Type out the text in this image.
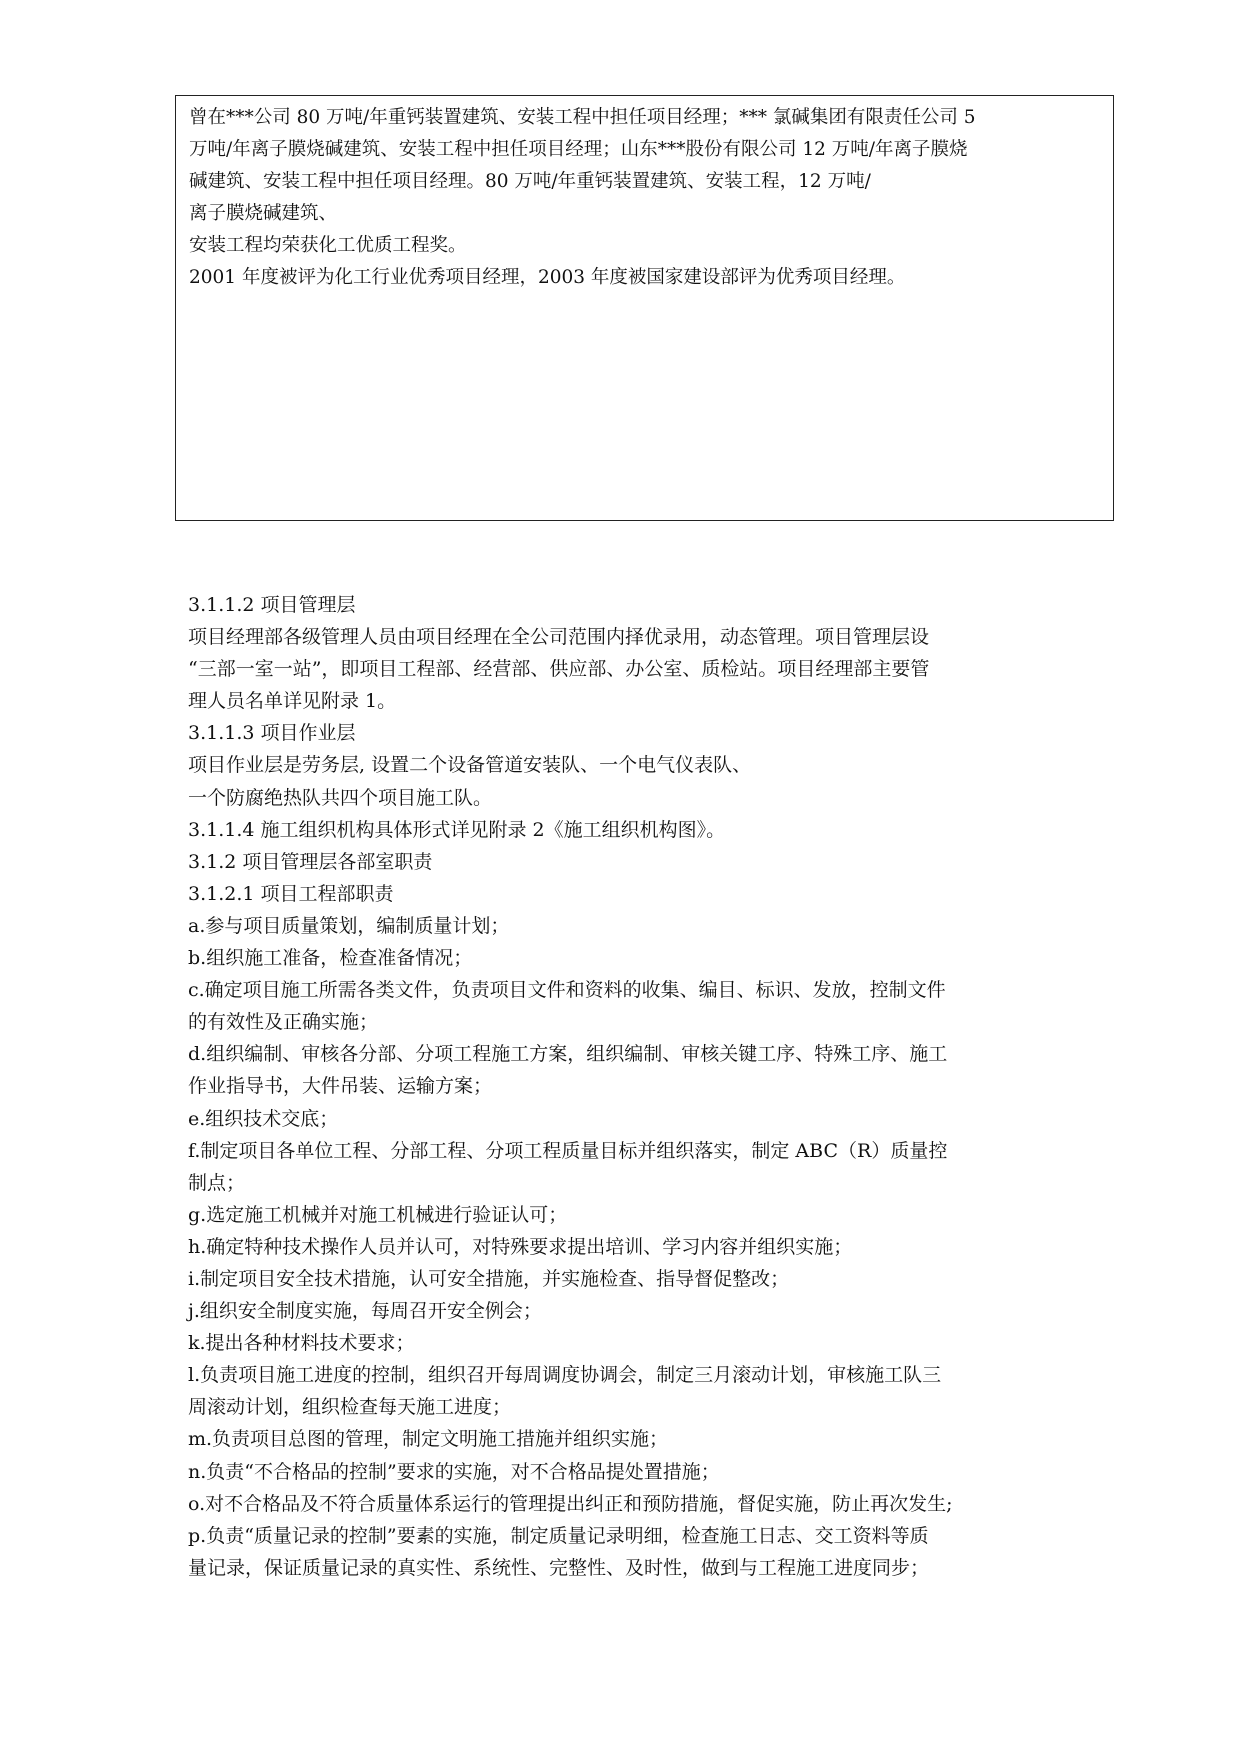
曾在***公司 80 万吨/年重钙装置建筑、安装工程中担任项目经理；*** 氯碱集团有限责任公司 5
万吨/年离子膜烧碱建筑、安装工程中担任项目经理；山东***股份有限公司 12 万吨/年离子膜烧
碱建筑、安装工程中担任项目经理。80 万吨/年重钙装置建筑、安装工程，12 万吨/
离子膜烧碱建筑、
安装工程均荣获化工优质工程奖。
2001 年度被评为化工行业优秀项目经理，2003 年度被国家建设部评为优秀项目经理。
3.1.1.2 项目管理层
项目经理部各级管理人员由项目经理在全公司范围内择优录用，动态管理。项目管理层设
“三部一室一站”，即项目工程部、经营部、供应部、办公室、质检站。项目经理部主要管
理人员名单详见附录 1。
3.1.1.3 项目作业层
项目作业层是劳务层, 设置二个设备管道安装队、一个电气仪表队、
一个防腐绝热队共四个项目施工队。
3.1.1.4 施工组织机构具体形式详见附录 2《施工组织机构图》。
3.1.2 项目管理层各部室职责
3.1.2.1 项目工程部职责
a.参与项目质量策划，编制质量计划；
b.组织施工准备，检查准备情况；
c.确定项目施工所需各类文件，负责项目文件和资料的收集、编目、标识、发放，控制文件
的有效性及正确实施；
d.组织编制、审核各分部、分项工程施工方案，组织编制、审核关键工序、特殊工序、施工
作业指导书，大件吊装、运输方案；
e.组织技术交底；
f.制定项目各单位工程、分部工程、分项工程质量目标并组织落实，制定 ABC（R）质量控
制点；
g.选定施工机械并对施工机械进行验证认可；
h.确定特种技术操作人员并认可，对特殊要求提出培训、学习内容并组织实施；
i.制定项目安全技术措施，认可安全措施，并实施检查、指导督促整改；
j.组织安全制度实施，每周召开安全例会；
k.提出各种材料技术要求；
l.负责项目施工进度的控制，组织召开每周调度协调会，制定三月滚动计划，审核施工队三
周滚动计划，组织检查每天施工进度；
m.负责项目总图的管理，制定文明施工措施并组织实施；
n.负责“不合格品的控制”要求的实施，对不合格品提处置措施；
o.对不合格品及不符合质量体系运行的管理提出纠正和预防措施，督促实施，防止再次发生;
p.负责“质量记录的控制”要素的实施，制定质量记录明细，检查施工日志、交工资料等质
量记录，保证质量记录的真实性、系统性、完整性、及时性，做到与工程施工进度同步；
